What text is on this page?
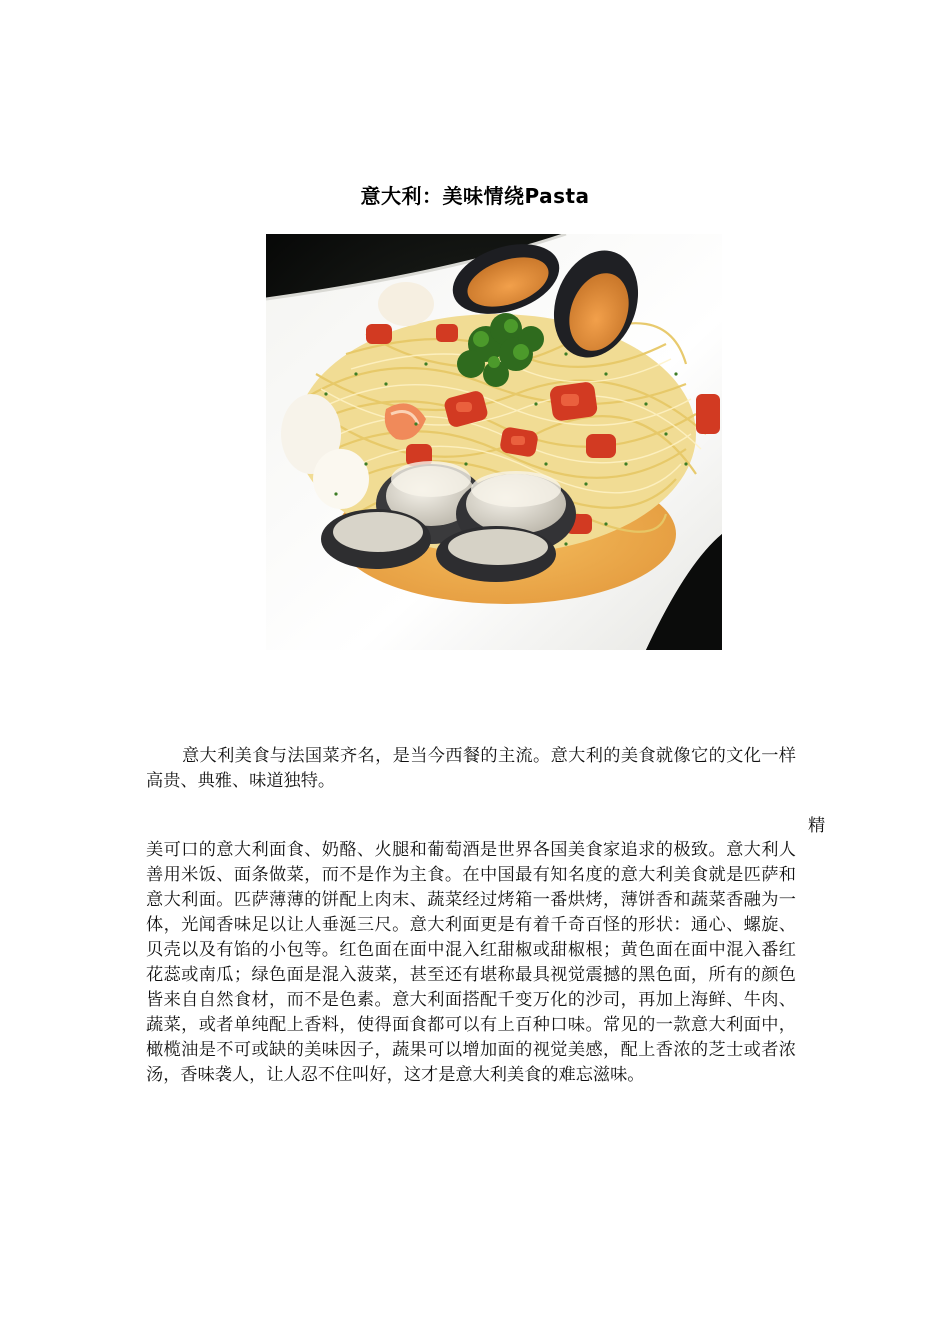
意大利：美味情绕Pasta

意大利美食与法国菜齐名，是当今西餐的主流。意大利的美食就像它的文化一样高贵、典雅、味道独特。

精

美可口的意大利面食、奶酪、火腿和葡萄酒是世界各国美食家追求的极致。意大利人善用米饭、面条做菜，而不是作为主食。在中国最有知名度的意大利美食就是匹萨和意大利面。匹萨薄薄的饼配上肉末、蔬菜经过烤箱一番烘烤，薄饼香和蔬菜香融为一体，光闻香味足以让人垂涎三尺。意大利面更是有着千奇百怪的形状：通心、螺旋、贝壳以及有馅的小包等。红色面在面中混入红甜椒或甜椒根；黄色面在面中混入番红花蕊或南瓜；绿色面是混入菠菜，甚至还有堪称最具视觉震撼的黑色面，所有的颜色皆来自自然食材，而不是色素。意大利面搭配千变万化的沙司，再加上海鲜、牛肉、蔬菜，或者单纯配上香料，使得面食都可以有上百种口味。常见的一款意大利面中，橄榄油是不可或缺的美味因子，蔬果可以增加面的视觉美感，配上香浓的芝士或者浓汤，香味袭人，让人忍不住叫好，这才是意大利美食的难忘滋味。
